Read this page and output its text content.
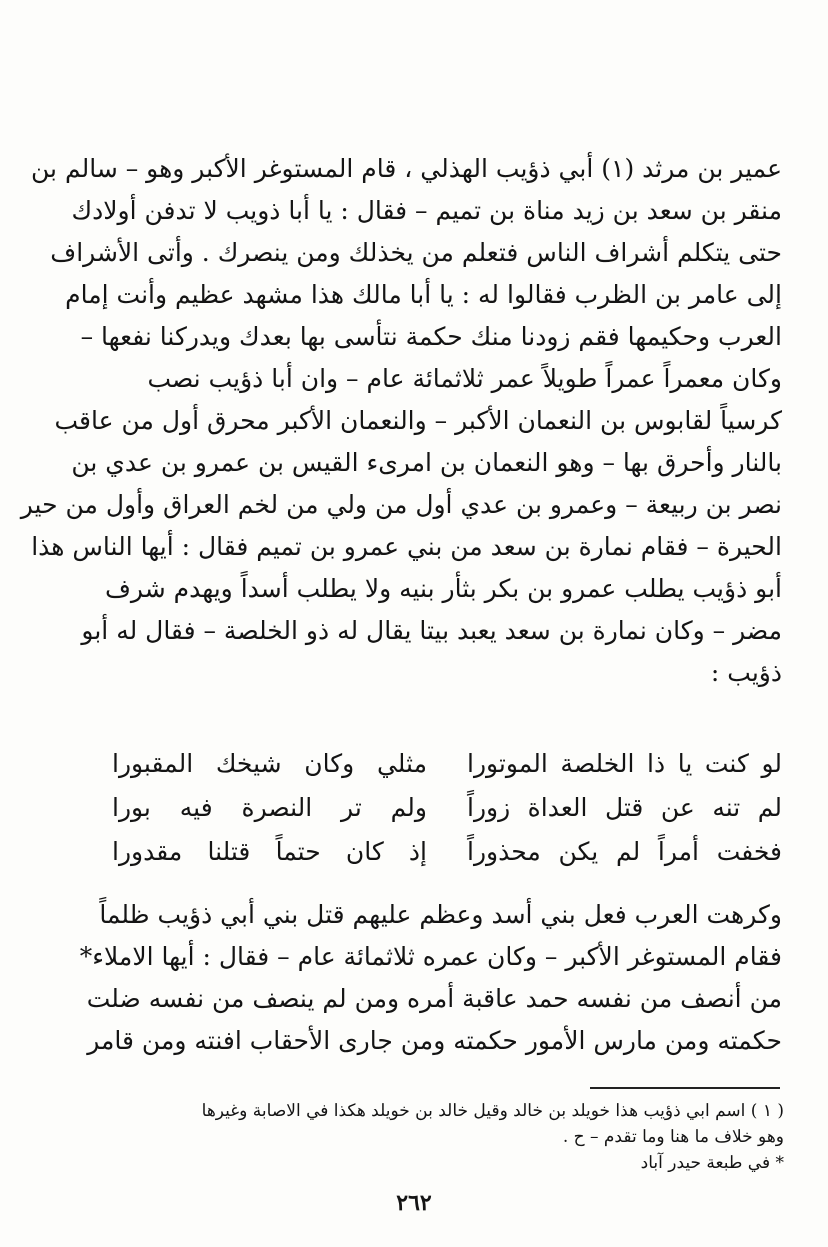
عمير بن مرثد (١) أبي ذؤيب الهذلي ، قام المستوغر الأكبر وهو – سالم بن
منقر بن سعد بن زيد مناة بن تميم – فقال : يا أبا ذويب لا تدفن أولادك
حتى يتكلم أشراف الناس فتعلم من يخذلك ومن ينصرك . وأتى الأشراف
إلى عامر بن الظرب فقالوا له : يا أبا مالك هذا مشهد عظيم وأنت إمام
العرب وحكيمها فقم زودنا منك حكمة نتأسى بها بعدك ويدركنا نفعها –
وكان معمراً عمراً طويلاً عمر ثلاثمائة عام – وان أبا ذؤيب نصب
كرسياً لقابوس بن النعمان الأكبر – والنعمان الأكبر محرق أول من عاقب
بالنار وأحرق بها – وهو النعمان بن امرىء القيس بن عمرو بن عدي بن
نصر بن ربيعة – وعمرو بن عدي أول من ولي من لخم العراق وأول من حير
الحيرة – فقام نمارة بن سعد من بني عمرو بن تميم فقال : أيها الناس هذا
أبو ذؤيب يطلب عمرو بن بكر بثأر بنيه ولا يطلب أسداً ويهدم شرف
مضر – وكان نمارة بن سعد يعبد بيتا يقال له ذو الخلصة – فقال له أبو
ذؤيب :
لو كنت يا ذا الخلصة الموتورا
مثلي وكان شيخك المقبورا
لم تنه عن قتل العداة زوراً
ولم تر النصرة فيه بورا
فخفت أمراً لم يكن محذوراً
إذ كان حتماً قتلنا مقدورا
وكرهت العرب فعل بني أسد وعظم عليهم قتل بني أبي ذؤيب ظلماً
فقام المستوغر الأكبر – وكان عمره ثلاثمائة عام – فقال : أيها الاملاء*
من أنصف من نفسه حمد عاقبة أمره ومن لم ينصف من نفسه ضلت
حكمته ومن مارس الأمور حكمته ومن جارى الأحقاب افنته ومن قامر
( ١ ) اسم ابي ذؤيب هذا خويلد بن خالد وقيل خالد بن خويلد هكذا في الاصابة وغيرها
وهو خلاف ما هنا وما تقدم – ح .
* في طبعة حيدر آباد
٢٦٢
